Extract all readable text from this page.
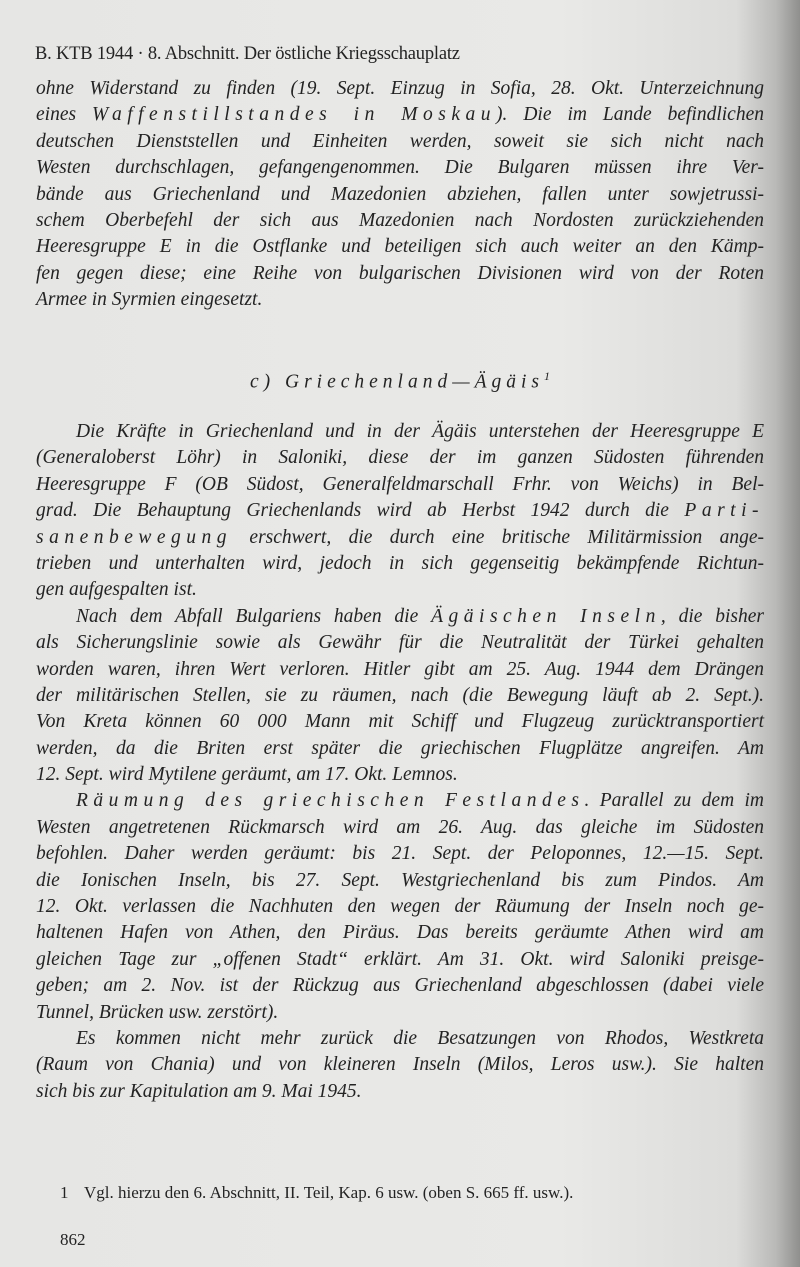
B. KTB 1944 · 8. Abschnitt. Der östliche Kriegsschauplatz
ohne Widerstand zu finden (19. Sept. Einzug in Sofia, 28. Okt. Unterzeichnung
eines Waffenstillstandes in Moskau). Die im Lande befindlichen
deutschen Dienststellen und Einheiten werden, soweit sie sich nicht nach
Westen durchschlagen, gefangengenommen. Die Bulgaren müssen ihre Ver-
bände aus Griechenland und Mazedonien abziehen, fallen unter sowjetrussi-
schem Oberbefehl der sich aus Mazedonien nach Nordosten zurückziehenden
Heeresgruppe E in die Ostflanke und beteiligen sich auch weiter an den Kämp-
fen gegen diese; eine Reihe von bulgarischen Divisionen wird von der Roten
Armee in Syrmien eingesetzt.
c) Griechenland—Ägäis$^1$
Die Kräfte in Griechenland und in der Ägäis unterstehen der Heeresgruppe E
(Generaloberst Löhr) in Saloniki, diese der im ganzen Südosten führenden
Heeresgruppe F (OB Südost, Generalfeldmarschall Frhr. von Weichs) in Bel-
grad. Die Behauptung Griechenlands wird ab Herbst 1942 durch die Parti-
sanenbewegung erschwert, die durch eine britische Militärmission ange-
trieben und unterhalten wird, jedoch in sich gegenseitig bekämpfende Richtun-
gen aufgespalten ist.
Nach dem Abfall Bulgariens haben die Ägäischen Inseln, die bisher
als Sicherungslinie sowie als Gewähr für die Neutralität der Türkei gehalten
worden waren, ihren Wert verloren. Hitler gibt am 25. Aug. 1944 dem Drängen
der militärischen Stellen, sie zu räumen, nach (die Bewegung läuft ab 2. Sept.).
Von Kreta können 60 000 Mann mit Schiff und Flugzeug zurücktransportiert
werden, da die Briten erst später die griechischen Flugplätze angreifen. Am
12. Sept. wird Mytilene geräumt, am 17. Okt. Lemnos.
Räumung des griechischen Festlandes. Parallel zu dem im
Westen angetretenen Rückmarsch wird am 26. Aug. das gleiche im Südosten
befohlen. Daher werden geräumt: bis 21. Sept. der Peloponnes, 12.—15. Sept.
die Ionischen Inseln, bis 27. Sept. Westgriechenland bis zum Pindos. Am
12. Okt. verlassen die Nachhuten den wegen der Räumung der Inseln noch ge-
haltenen Hafen von Athen, den Piräus. Das bereits geräumte Athen wird am
gleichen Tage zur „offenen Stadt“ erklärt. Am 31. Okt. wird Saloniki preisge-
geben; am 2. Nov. ist der Rückzug aus Griechenland abgeschlossen (dabei viele
Tunnel, Brücken usw. zerstört).
Es kommen nicht mehr zurück die Besatzungen von Rhodos, Westkreta
(Raum von Chania) und von kleineren Inseln (Milos, Leros usw.). Sie halten
sich bis zur Kapitulation am 9. Mai 1945.
1 Vgl. hierzu den 6. Abschnitt, II. Teil, Kap. 6 usw. (oben S. 665 ff. usw.).
862
